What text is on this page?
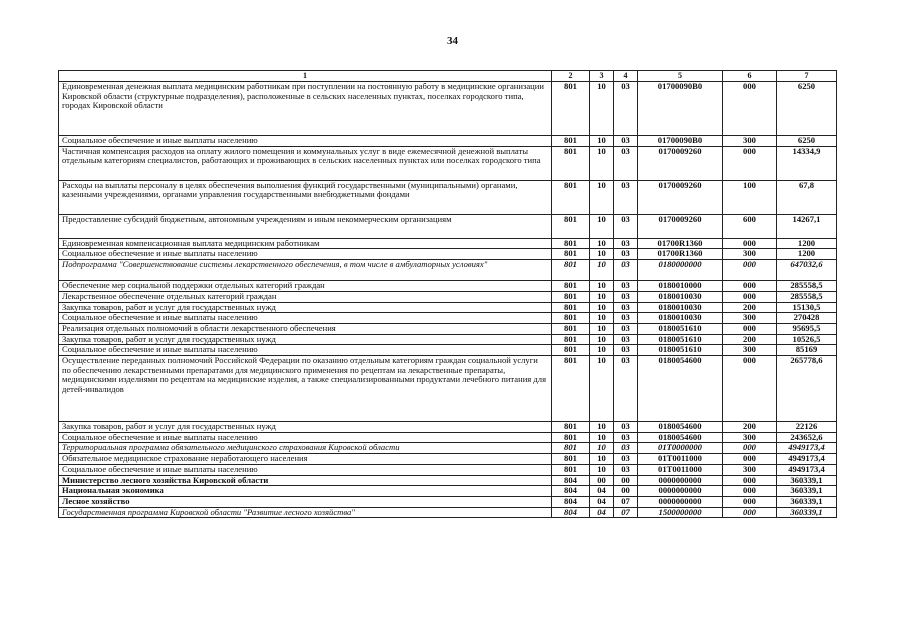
34
1	2	3	4	5	6	7
Единовременная денежная выплата медицинским работникам при поступлении на постоянную работу в медицинские организации Кировской области (структурные подразделения), расположенные в сельских населенных пунктах, поселках городского типа, городах Кировской области	801	10	03	01700090В0	000	6250
Социальное обеспечение и иные выплаты населению	801	10	03	01700090В0	300	6250
Частичная компенсация расходов на оплату жилого помещения и коммунальных услуг в виде ежемесячной денежной выплаты отдельным категориям специалистов, работающих и проживающих в сельских населенных пунктах или поселках городского типа	801	10	03	0170009260	000	14334,9
Расходы на выплаты персоналу в целях обеспечения выполнения функций государственными (муниципальными) органами, казенными учреждениями, органами управления государственными внебюджетными фондами	801	10	03	0170009260	100	67,8
Предоставление субсидий бюджетным, автономным учреждениям и иным некоммерческим организациям	801	10	03	0170009260	600	14267,1
Единовременная компенсационная выплата медицинским работникам	801	10	03	01700R1360	000	1200
Социальное обеспечение и иные выплаты населению	801	10	03	01700R1360	300	1200
Подпрограмма "Совершенствование системы лекарственного обеспечения, в том числе в амбулаторных условиях"	801	10	03	0180000000	000	647032,6
Обеспечение мер социальной поддержки отдельных категорий граждан	801	10	03	0180010000	000	285558,5
Лекарственное обеспечение отдельных категорий граждан	801	10	03	0180010030	000	285558,5
Закупка товаров, работ и услуг для государственных нужд	801	10	03	0180010030	200	15130,5
Социальное обеспечение и иные выплаты населению	801	10	03	0180010030	300	270428
Реализация отдельных полномочий в области лекарственного обеспечения	801	10	03	0180051610	000	95695,5
Закупка товаров, работ и услуг для государственных нужд	801	10	03	0180051610	200	10526,5
Социальное обеспечение и иные выплаты населению	801	10	03	0180051610	300	85169
Осуществление переданных полномочий Российской Федерации по оказанию отдельным категориям граждан социальной услуги по обеспечению лекарственными препаратами для медицинского применения по рецептам на лекарственные препараты, медицинскими изделиями по рецептам на медицинские изделия, а также специализированными продуктами лечебного питания для детей-инвалидов	801	10	03	0180054600	000	265778,6
Закупка товаров, работ и услуг для государственных нужд	801	10	03	0180054600	200	22126
Социальное обеспечение и иные выплаты населению	801	10	03	0180054600	300	243652,6
Территориальная программа обязательного медицинского страхования Кировской области	801	10	03	01Т0000000	000	4949173,4
Обязательное медицинское страхование неработающего населения	801	10	03	01Т0011000	000	4949173,4
Социальное обеспечение и иные выплаты населению	801	10	03	01Т0011000	300	4949173,4
Министерство лесного хозяйства Кировской области	804	00	00	0000000000	000	360339,1
Национальная экономика	804	04	00	0000000000	000	360339,1
Лесное хозяйство	804	04	07	0000000000	000	360339,1
Государственная программа Кировской области "Развитие лесного хозяйства"	804	04	07	1500000000	000	360339,1
